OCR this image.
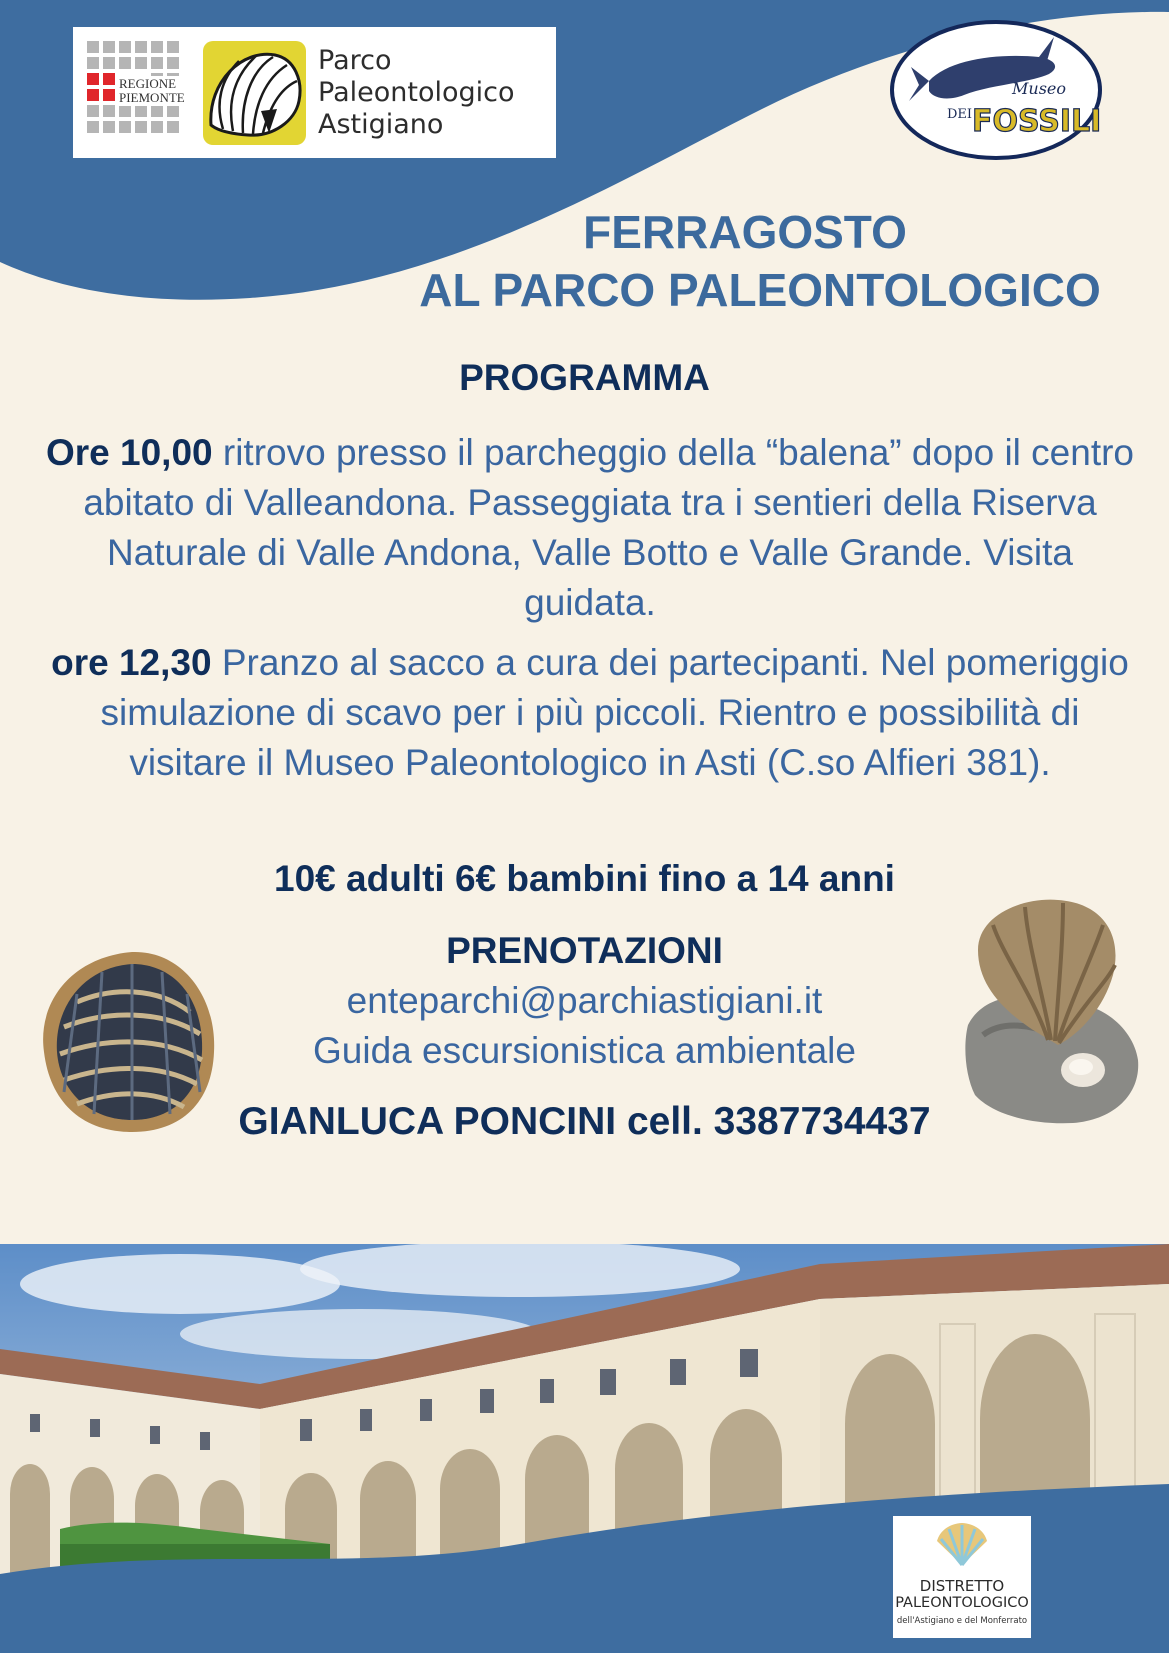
REGIONE
PIEMONTE
Parco
Paleontologico
Astigiano
Museo
DEI FOSSILI
FERRAGOSTO
AL PARCO PALEONTOLOGICO
PROGRAMMA
Ore 10,00 ritrovo presso il parcheggio della “balena” dopo il centro abitato di Valleandona. Passeggiata tra i sentieri della Riserva Naturale di Valle Andona, Valle Botto e Valle Grande. Visita guidata.
ore 12,30 Pranzo al sacco a cura dei partecipanti. Nel pomeriggio simulazione di scavo per i più piccoli. Rientro e possibilità di visitare il Museo Paleontologico in Asti (C.so Alfieri 381).
10€ adulti 6€ bambini fino a 14 anni
PRENOTAZIONI
enteparchi@parchiastigiani.it
Guida escursionistica ambientale
GIANLUCA PONCINI cell. 3387734437
DISTRETTO
PALEONTOLOGICO
dell'Astigiano e del Monferrato
